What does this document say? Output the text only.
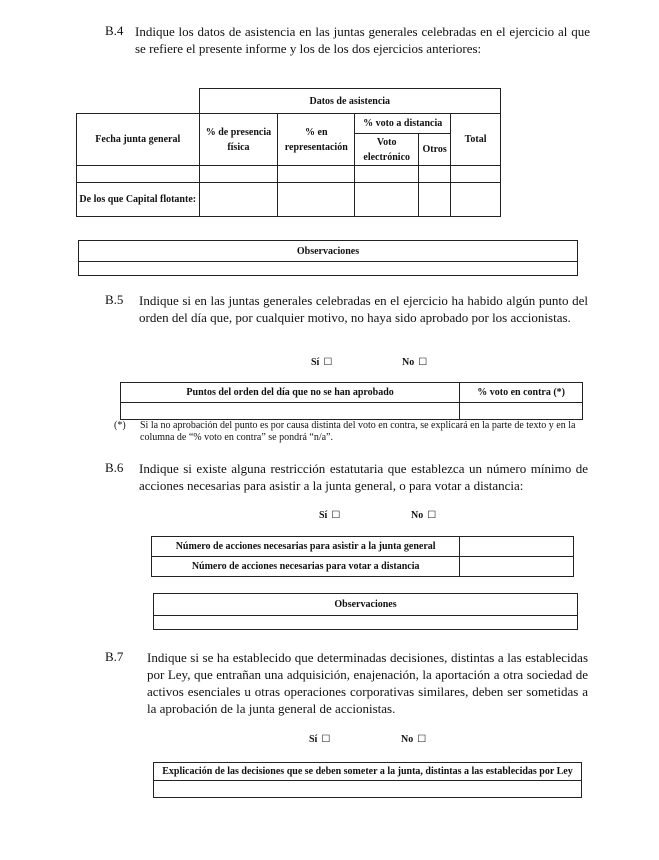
B.4 Indique los datos de asistencia en las juntas generales celebradas en el ejercicio al que se refiere el presente informe y los de los dos ejercicios anteriores:
	Datos de asistencia				
Fecha junta general	% de presencia física	% en representación	% voto a distancia		Total
			Voto electrónico	Otros	

De los que Capital flotante:					
Observaciones

B.5 Indique si en las juntas generales celebradas en el ejercicio ha habido algún punto del orden del día que, por cualquier motivo, no haya sido aprobado por los accionistas.
Sí ☐	No ☐
Puntos del orden del día que no se han aprobado	% voto en contra (*)

(*) Si la no aprobación del punto es por causa distinta del voto en contra, se explicará en la parte de texto y en la columna de “% voto en contra” se pondrá “n/a”.
B.6 Indique si existe alguna restricción estatutaria que establezca un número mínimo de acciones necesarias para asistir a la junta general, o para votar a distancia:
Sí ☐	No ☐
Número de acciones necesarias para asistir a la junta general	
Número de acciones necesarias para votar a distancia	
Observaciones

B.7 Indique si se ha establecido que determinadas decisiones, distintas a las establecidas por Ley, que entrañan una adquisición, enajenación, la aportación a otra sociedad de activos esenciales u otras operaciones corporativas similares, deben ser sometidas a la aprobación de la junta general de accionistas.
Sí ☐	No ☐
Explicación de las decisiones que se deben someter a la junta, distintas a las establecidas por Ley
